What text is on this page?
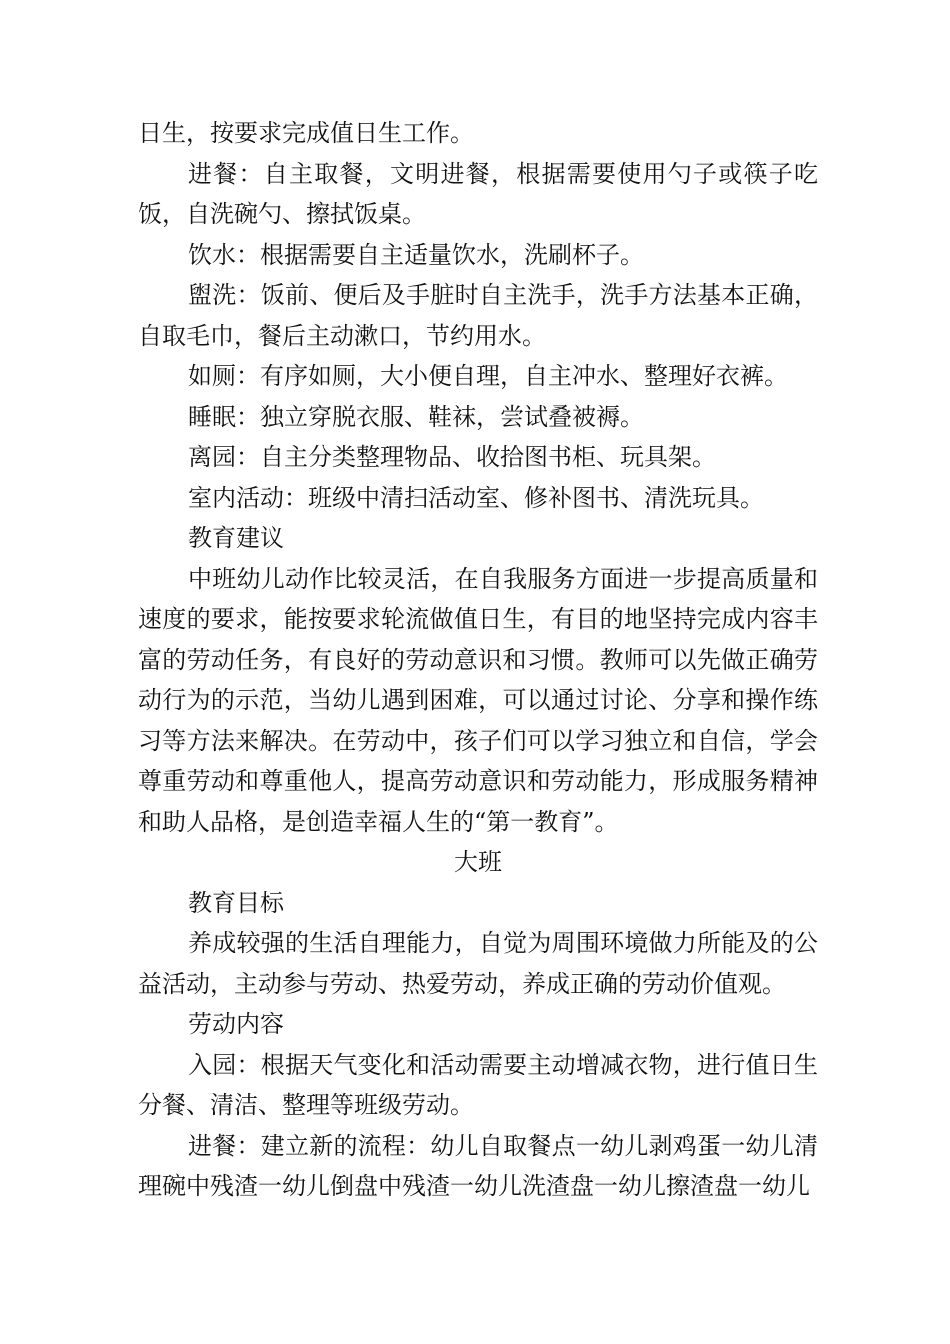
日生，按要求完成值日生工作。

进餐：自主取餐，文明进餐，根据需要使用勺子或筷子吃饭，自洗碗勺、擦拭饭桌。

饮水：根据需要自主适量饮水，洗刷杯子。

盥洗：饭前、便后及手脏时自主洗手，洗手方法基本正确，自取毛巾，餐后主动漱口，节约用水。

如厕：有序如厕，大小便自理，自主冲水、整理好衣裤。

睡眠：独立穿脱衣服、鞋袜，尝试叠被褥。

离园：自主分类整理物品、收拾图书柜、玩具架。

室内活动：班级中清扫活动室、修补图书、清洗玩具。

教育建议

中班幼儿动作比较灵活，在自我服务方面进一步提高质量和速度的要求，能按要求轮流做值日生，有目的地坚持完成内容丰富的劳动任务，有良好的劳动意识和习惯。教师可以先做正确劳动行为的示范，当幼儿遇到困难，可以通过讨论、分享和操作练习等方法来解决。在劳动中，孩子们可以学习独立和自信，学会尊重劳动和尊重他人，提高劳动意识和劳动能力，形成服务精神和助人品格，是创造幸福人生的“第一教育”。

大班

教育目标

养成较强的生活自理能力，自觉为周围环境做力所能及的公益活动，主动参与劳动、热爱劳动，养成正确的劳动价值观。

劳动内容

入园：根据天气变化和活动需要主动增减衣物，进行值日生分餐、清洁、整理等班级劳动。

进餐：建立新的流程：幼儿自取餐点一幼儿剥鸡蛋一幼儿清理碗中残渣一幼儿倒盘中残渣一幼儿洗渣盘一幼儿擦渣盘一幼儿
